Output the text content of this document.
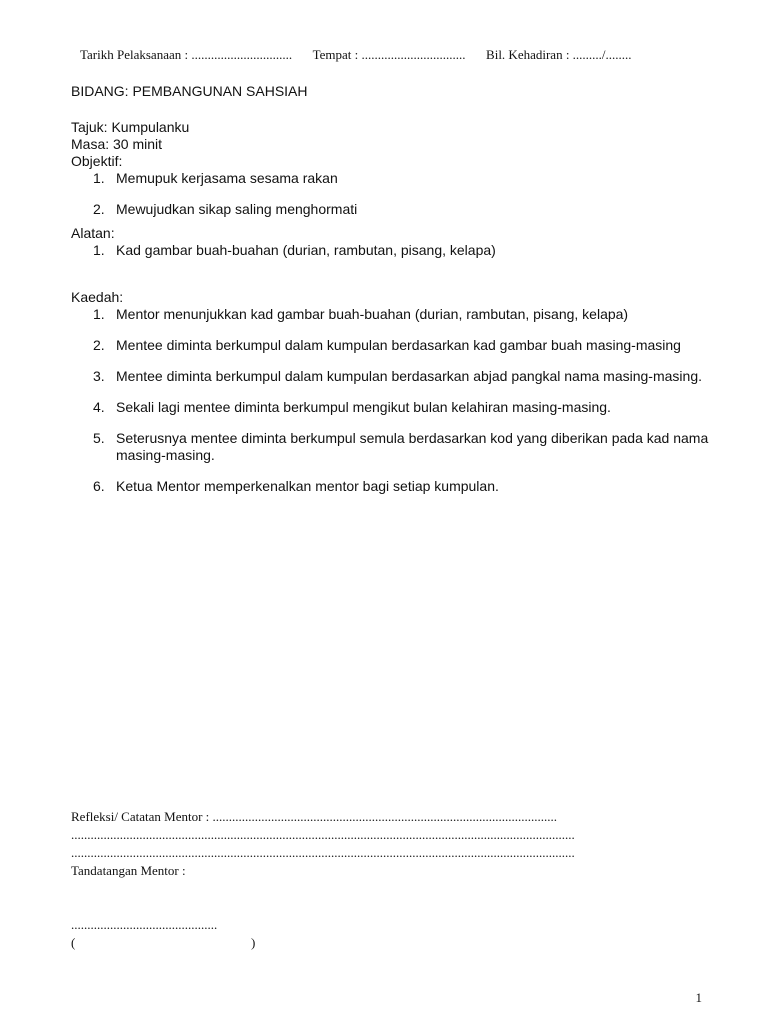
Tarikh Pelaksanaan : ............................... Tempat : ................................ Bil. Kehadiran : ........./........

BIDANG: PEMBANGUNAN SAHSIAH

Tajuk: Kumpulanku

Masa: 30 minit

Objektif:

1. Memupuk kerjasama sesama rakan
2. Mewujudkan sikap saling menghormati

Alatan:

1. Kad gambar buah-buahan (durian, rambutan, pisang, kelapa)

Kaedah:

1. Mentor menunjukkan kad gambar buah-buahan (durian, rambutan, pisang, kelapa)
2. Mentee diminta berkumpul dalam kumpulan berdasarkan kad gambar buah masing-masing
3. Mentee diminta berkumpul dalam kumpulan berdasarkan abjad pangkal nama masing-masing.
4. Sekali lagi mentee diminta berkumpul mengikut bulan kelahiran masing-masing.
5. Seterusnya mentee diminta berkumpul semula berdasarkan kod yang diberikan pada kad nama masing-masing.
6. Ketua Mentor memperkenalkan mentor bagi setiap kumpulan.
Refleksi/ Catatan Mentor : ..........................................................................................................
...........................................................................................................................................................
...........................................................................................................................................................
Tandatangan Mentor :
.............................................
(	)
1
